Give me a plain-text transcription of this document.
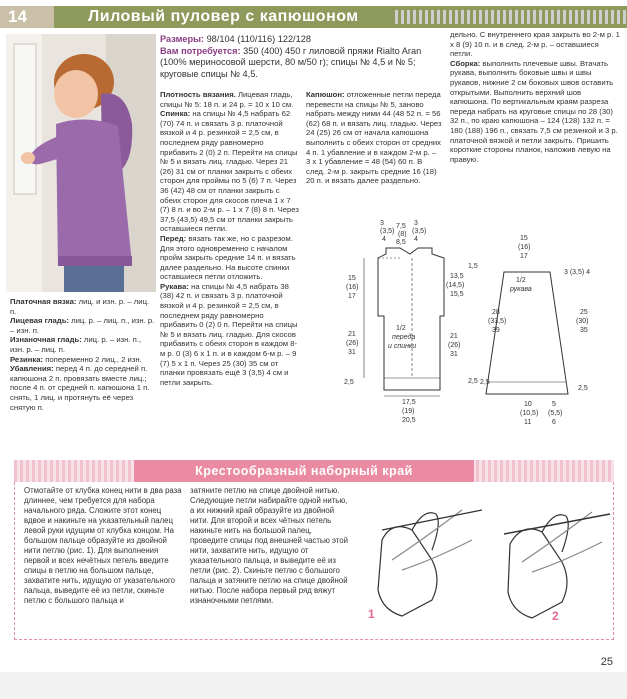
14	Лиловый пуловер с капюшоном

Размеры: 98/104 (110/116) 122/128

Вам потребуется: 350 (400) 450 г лиловой пряжи Rialto Aran (100% мериносовой шерсти, 80 м/50 г); спицы № 4,5 и № 5; круговые спицы № 4,5.

Платочная вязка: лиц. и изн. р. – лиц. п.

Лицевая гладь: лиц. р. – лиц. п., изн. р. – изн. п.

Изнаночная гладь: лиц. р. – изн. п., изн. р. – лиц. п.

Резинка: попеременно 2 лиц., 2 изн.

Убавления: перед 4 п. до середней п. капюшона 2 п. провязать вместе лиц.; после 4 п. от средней п. капюшона 1 п. снять, 1 лиц. и протянуть её через снятую п.

Плотность вязания. Лицевая гладь, спицы № 5: 18 п. и 24 р. = 10 х 10 см.

Спинка: на спицы № 4,5 набрать 62 (70) 74 п. и связать 3 р. платочной вязкой и 4 р. резинкой = 2,5 см, в последнем ряду равномерно прибавить 2 (0) 2 п. Перейти на спицы № 5 и вязать лиц. гладью. Через 21 (26) 31 см от планки закрыть с обеих сторон для проймы по 5 (6) 7 п. Через 36 (42) 48 см от планки закрыть с обеих сторон для скосов плеча 1 х 7 (7) 8 п. и во 2-м р. – 1 х 7 (8) 8 п. Через 37,5 (43,5) 49,5 см от планки закрыть оставшиеся петли.

Перед: вязать так же, но с разрезом. Для этого одновременно с началом пройм закрыть средние 14 п. и вязать далее раздельно. На высоте спинки оставшиеся петли отложить.

Рукава: на спицы № 4,5 набрать 38 (38) 42 п. и связать 3 р. платочной вязкой и 4 р. резинкой = 2,5 см, в последнем ряду равномерно прибавить 0 (2) 0 п. Перейти на спицы № 5 и вязать лиц. гладью. Для скосов прибавить с обеих сторон в каждом 8-м р. 0 (3) 6 х 1 п. и в каждом 6-м р. – 9 (7) 5 х 1 п. Через 25 (30) 35 см от планки провязать ещё 3 (3,5) 4 см и петли закрыть.

Капюшон: отложенные петли переда перевести на спицы № 5, заново набрать между ними 44 (48 52 п. = 56 (62) 68 п. и вязать лиц. гладью. Через 24 (25) 26 см от начала капюшона выполнить с обеих сторон от средних 4 п. 1 убавление и в каждом 2-м р. – 3 х 1 убавление = 48 (54) 60 п. В след. 2-м р. закрыть средние 16 (18) 20 п. и вязать далее раздельно.

дельно. С внутреннего края закрыть во 2-м р. 1 х 8 (9) 10 п. и в след. 2-м р. – оставшиеся петли.

Сборка: выполнить плечевые швы. Втачать рукава, выполнить боковые швы и швы рукавов, нижние 2 см боковых швов оставить открытыми. Выполнить верхний шов капюшона. По вертикальным краям разреза переда набрать на круговые спицы по 28 (30) 32 п., по краю капюшона – 124 (128) 132 п. = 180 (188) 196 п., связать 7,5 см резинкой и 3 р. платочной вязкой и петли закрыть. Пришить короткие стороны планок, наложив левую на правую.

1/2
переда
и спинки
3
(3,5)
4
7,5
(8)
8,5
3
(3,5)
4
15
(16)
17
21
(26)
31
2,5
13,5
(14,5)
15,5
21
(26)
31
1,5
2,5
17,5
(19)
20,5
1/2
рукава
15
(16)
17
3 (3,5) 4
28
(33,5)
39
25
(30)
35
2,5
2,5
10
(10,5)
11
5
(5,5)
6
Крестообразный наборный край
Отмотайте от клубка конец нити в два раза длиннее, чем требуется для набора начального ряда. Сложите этот конец вдвое и накиньте на указательный палец левой руки идущим от клубка концом. На большом пальце образуйте из двойной нити петлю (рис. 1). Для выполнения первой и всех нечётных петель введите спицы в петлю на большом пальце, захватите нить, идущую от указательного пальца, выведите её из петли, скиньте петлю с большого пальца и
затяните петлю на спице двойной нитью. Следующие петли набирайте одной нитью, а их нижний край образуйте из двойной нити. Для второй и всех чётных петель накиньте нить на большой палец, проведите спицы под внешней частью этой нити, захватите нить, идущую от указательного пальца, и выведите её из петли (рис. 2). Скиньте петлю с большого пальца и затяните петлю на спице двойной нитью. После набора первый ряд вяжут изнаночными петлями.
1	2
25
